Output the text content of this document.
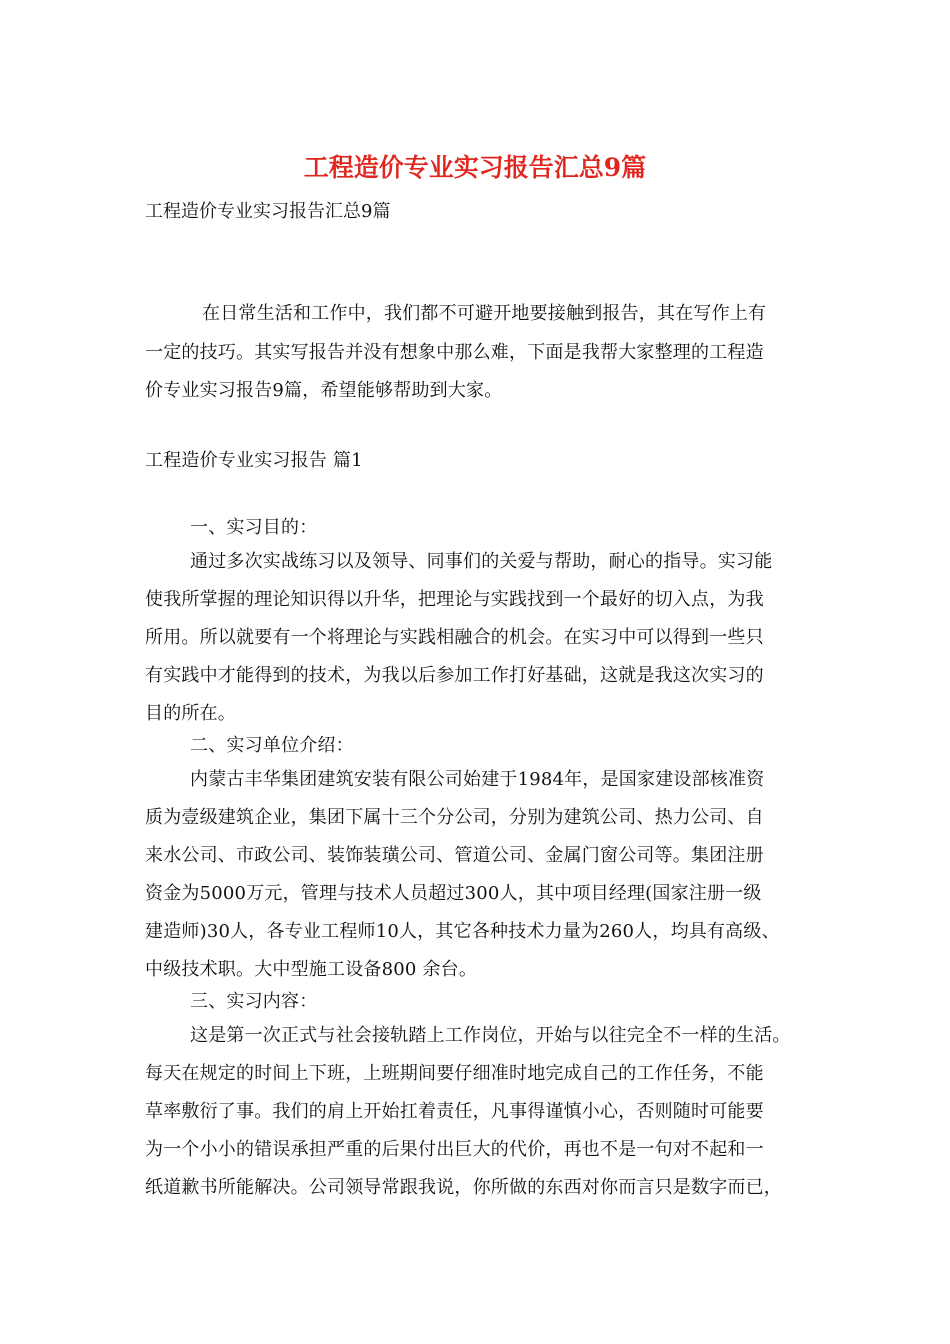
工程造价专业实习报告汇总9篇
工程造价专业实习报告汇总9篇
在日常生活和工作中，我们都不可避开地要接触到报告，其在写作上有
一定的技巧。其实写报告并没有想象中那么难，下面是我帮大家整理的工程造
价专业实习报告9篇，希望能够帮助到大家。
工程造价专业实习报告 篇1
一、实习目的：
通过多次实战练习以及领导、同事们的关爱与帮助，耐心的指导。实习能
使我所掌握的理论知识得以升华，把理论与实践找到一个最好的切入点，为我
所用。所以就要有一个将理论与实践相融合的机会。在实习中可以得到一些只
有实践中才能得到的技术，为我以后参加工作打好基础，这就是我这次实习的
目的所在。
二、实习单位介绍：
内蒙古丰华集团建筑安装有限公司始建于1984年，是国家建设部核准资
质为壹级建筑企业，集团下属十三个分公司，分别为建筑公司、热力公司、自
来水公司、市政公司、装饰装璜公司、管道公司、金属门窗公司等。集团注册
资金为5000万元，管理与技术人员超过300人，其中项目经理(国家注册一级
建造师)30人，各专业工程师10人，其它各种技术力量为260人，均具有高级、
中级技术职。大中型施工设备800 余台。
三、实习内容：
这是第一次正式与社会接轨踏上工作岗位，开始与以往完全不一样的生活。
每天在规定的时间上下班，上班期间要仔细准时地完成自己的工作任务，不能
草率敷衍了事。我们的肩上开始扛着责任，凡事得谨慎小心，否则随时可能要
为一个小小的错误承担严重的后果付出巨大的代价，再也不是一句对不起和一
纸道歉书所能解决。公司领导常跟我说，你所做的东西对你而言只是数字而已，
